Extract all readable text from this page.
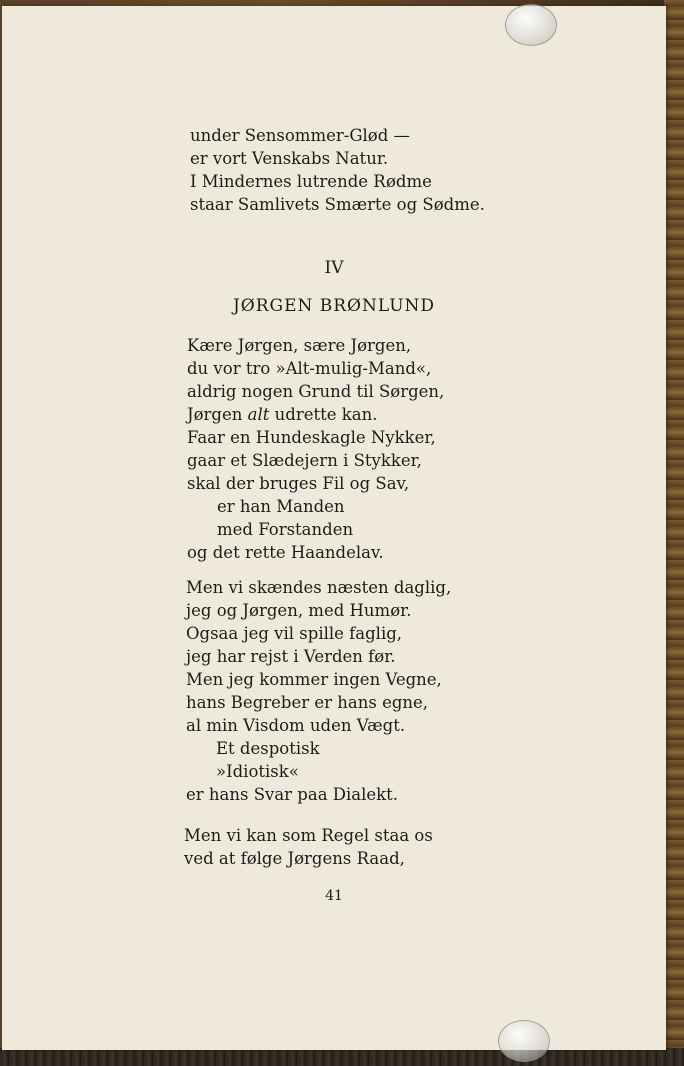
under Sensommer-Glød —
er vort Venskabs Natur.
I Mindernes lutrende Rødme
staar Samlivets Smærte og Sødme.
IV
JØRGEN BRØNLUND
Kære Jørgen, sære Jørgen,
du vor tro »Alt-mulig-Mand«,
aldrig nogen Grund til Sørgen,
Jørgen alt udrette kan.
Faar en Hundeskagle Nykker,
gaar et Slædejern i Stykker,
skal der bruges Fil og Sav,
er han Manden
med Forstanden
og det rette Haandelav.
Men vi skændes næsten daglig,
jeg og Jørgen, med Humør.
Ogsaa jeg vil spille faglig,
jeg har rejst i Verden før.
Men jeg kommer ingen Vegne,
hans Begreber er hans egne,
al min Visdom uden Vægt.
Et despotisk
»Idiotisk«
er hans Svar paa Dialekt.
Men vi kan som Regel staa os
ved at følge Jørgens Raad,
41
